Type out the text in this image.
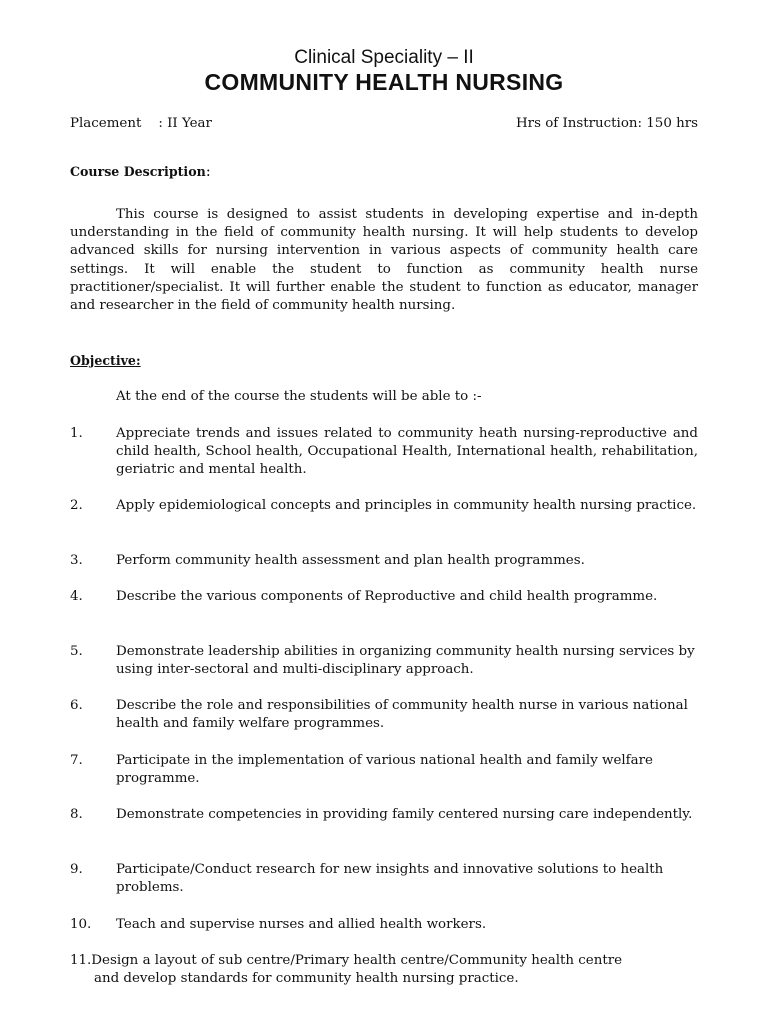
Clinical Speciality – II
COMMUNITY HEALTH NURSING
Placement    : II Year	Hrs of Instruction: 150 hrs
Course Description:
This course is designed to assist students in developing expertise and in-depth understanding in the field of community health nursing. It will help students to develop advanced skills for nursing intervention in various aspects of community health care settings. It will enable the student to function as community health nurse practitioner/specialist. It will further enable the student to function as educator, manager and researcher in the field of community health nursing.
Objective:
At the end of the course the students will be able to :-
1. Appreciate trends and issues related to community heath nursing-reproductive and child health, School health, Occupational Health, International health, rehabilitation, geriatric and mental health.
2. Apply epidemiological concepts and principles in community health nursing practice.
3. Perform community health assessment and plan health programmes.
4. Describe the various components of Reproductive and child health programme.
5. Demonstrate leadership abilities in organizing community health nursing services by using inter-sectoral and multi-disciplinary approach.
6. Describe the role and responsibilities of community health nurse in various national health and family welfare programmes.
7. Participate in the implementation of various national health and family welfare programme.
8. Demonstrate competencies in providing family centered nursing care independently.
9. Participate/Conduct research for new insights and innovative solutions to health problems.
10. Teach and supervise nurses and allied health workers.
11.Design a layout of sub centre/Primary health centre/Community health centre
and develop standards for community health nursing practice.
